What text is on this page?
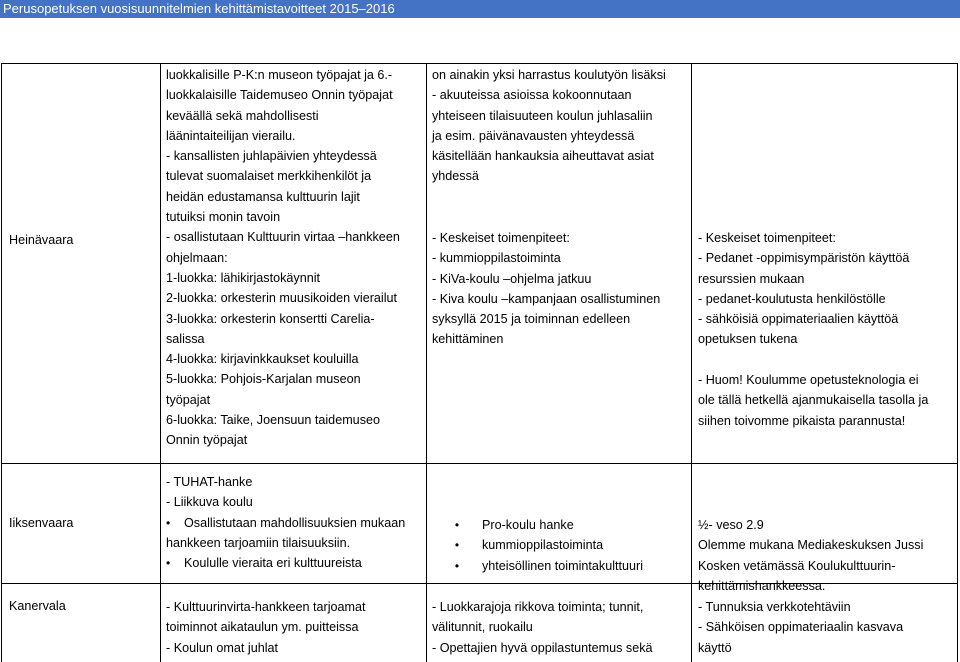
Perusopetuksen vuosisuunnitelmien kehittämistavoitteet 2015–2016
Heinävaara
luokkalisille P-K:n museon työpajat ja 6.-
luokkalaisille Taidemuseo Onnin työpajat
keväällä sekä mahdollisesti
läänintaiteilijan vierailu.
- kansallisten juhlapäivien yhteydessä
tulevat suomalaiset merkkihenkilöt ja
heidän edustamansa kulttuurin lajit
tutuiksi monin tavoin
- osallistutaan Kulttuurin virtaa –hankkeen
ohjelmaan:
1-luokka: lähikirjastokäynnit
2-luokka: orkesterin muusikoiden vierailut
3-luokka: orkesterin konsertti Carelia-
salissa
4-luokka: kirjavinkkaukset kouluilla
5-luokka: Pohjois-Karjalan museon
työpajat
6-luokka: Taike, Joensuun taidemuseo
Onnin työpajat
on ainakin yksi harrastus koulutyön lisäksi
- akuuteissa asioissa kokoonnutaan
yhteiseen tilaisuuteen koulun juhlasaliin
ja esim. päivänavausten yhteydessä
käsitellään hankauksia aiheuttavat asiat
yhdessä
- Keskeiset toimenpiteet:
- kummioppilastoiminta
- KiVa-koulu –ohjelma jatkuu
- Kiva koulu –kampanjaan osallistuminen
syksyllä 2015 ja toiminnan edelleen
kehittäminen
- Keskeiset toimenpiteet:
- Pedanet -oppimisympäristön käyttöä
resurssien mukaan
- pedanet-koulutusta henkilöstölle
- sähköisiä oppimateriaalien käyttöä
opetuksen tukena
- Huom! Koulumme opetusteknologia ei
ole tällä hetkellä ajanmukaisella tasolla ja
siihen toivomme pikaista parannusta!
Iiksenvaara
- TUHAT-hanke
- Liikkuva koulu
• Osallistutaan mahdollisuuksien mukaan
hankkeen tarjoamiin tilaisuuksiin.
• Koululle vieraita eri kulttuureista
• Pro-koulu hanke
• kummioppilastoiminta
• yhteisöllinen toimintakulttuuri
½- veso 2.9
Olemme mukana Mediakeskuksen Jussi
Kosken vetämässä Koulukulttuurin-
kehittämishankkeessa.
Kanervala	- Kulttuurinvirta-hankkeen tarjoamat
toiminnot aikataulun ym. puitteissa
- Koulun omat juhlat
- Luokkarajoja rikkova toiminta; tunnit,
välitunnit, ruokailu
- Opettajien hyvä oppilastuntemus sekä
- Tunnuksia verkkotehtäviin
- Sähköisen oppimateriaalin kasvava
käyttö
